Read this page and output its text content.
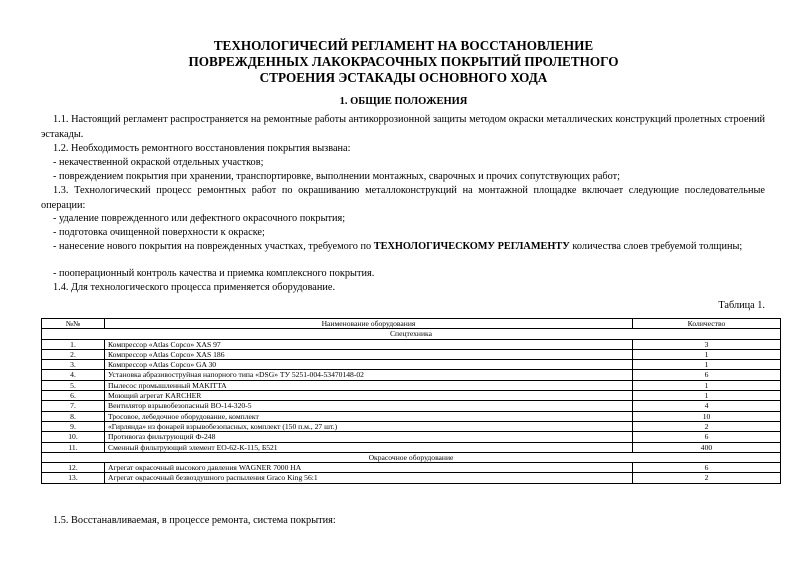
ТЕХНОЛОГИЧЕСИЙ РЕГЛАМЕНТ НА ВОССТАНОВЛЕНИЕ
ПОВРЕЖДЕННЫХ ЛАКОКРАСОЧНЫХ ПОКРЫТИЙ ПРОЛЕТНОГО
СТРОЕНИЯ ЭСТАКАДЫ ОСНОВНОГО ХОДА
1. ОБЩИЕ ПОЛОЖЕНИЯ
1.1. Настоящий регламент распространяется на ремонтные работы антикоррозионной защиты методом окраски металлических конструкций пролетных строений эстакады.
1.2. Необходимость ремонтного восстановления покрытия вызвана:
- некачественной окраской отдельных участков;
- повреждением покрытия при хранении, транспортировке, выполнении монтажных, сварочных и прочих сопутствующих работ;
1.3. Технологический процесс ремонтных работ по окрашиванию металлоконструкций на монтажной площадке включает следующие последовательные операции:
- удаление поврежденного или дефектного окрасочного покрытия;
- подготовка очищенной поверхности к окраске;
- нанесение нового покрытия на поврежденных участках, требуемого по ТЕХНОЛОГИЧЕСКОМУ РЕГЛАМЕНТУ количества слоев требуемой толщины;
- пооперационный контроль качества и приемка комплексного покрытия.
1.4. Для технологического процесса применяется оборудование.
Таблица 1.
№№	Наименование оборудования	Количество
Спецтехника		
1.	Компрессор «Atlas Copco» XAS 97	3
2.	Компрессор «Atlas Copco» XAS 186	1
3.	Компрессор «Atlas Copco» GA 30	1
4.	Установка абразивоструйная напорного типа «DSG» ТУ 5251-004-53470148-02	6
5.	Пылесос промышленный MAKITTA	1
6.	Моющий агрегат KARCHER	1
7.	Вентилятор взрывобезопасный ВО-14-320-5	4
8.	Тросовое, лебедочное оборудование, комплект	10
9.	«Гирлянда» из фонарей взрывобезопасных, комплект (150 п.м., 27 шт.)	2
10.	Противогаз фильтрующий Ф-248	6
11.	Сменный фильтрующий элемент ЕО-62-К-115, Б521	400
Окрасочное оборудование		
12.	Агрегат окрасочный высокого давления WAGNER 7000 HA	6
13.	Агрегат окрасочный безвоздушного распыления Graco King 56:1	2
1.5. Восстанавливаемая, в процессе ремонта, система покрытия:
